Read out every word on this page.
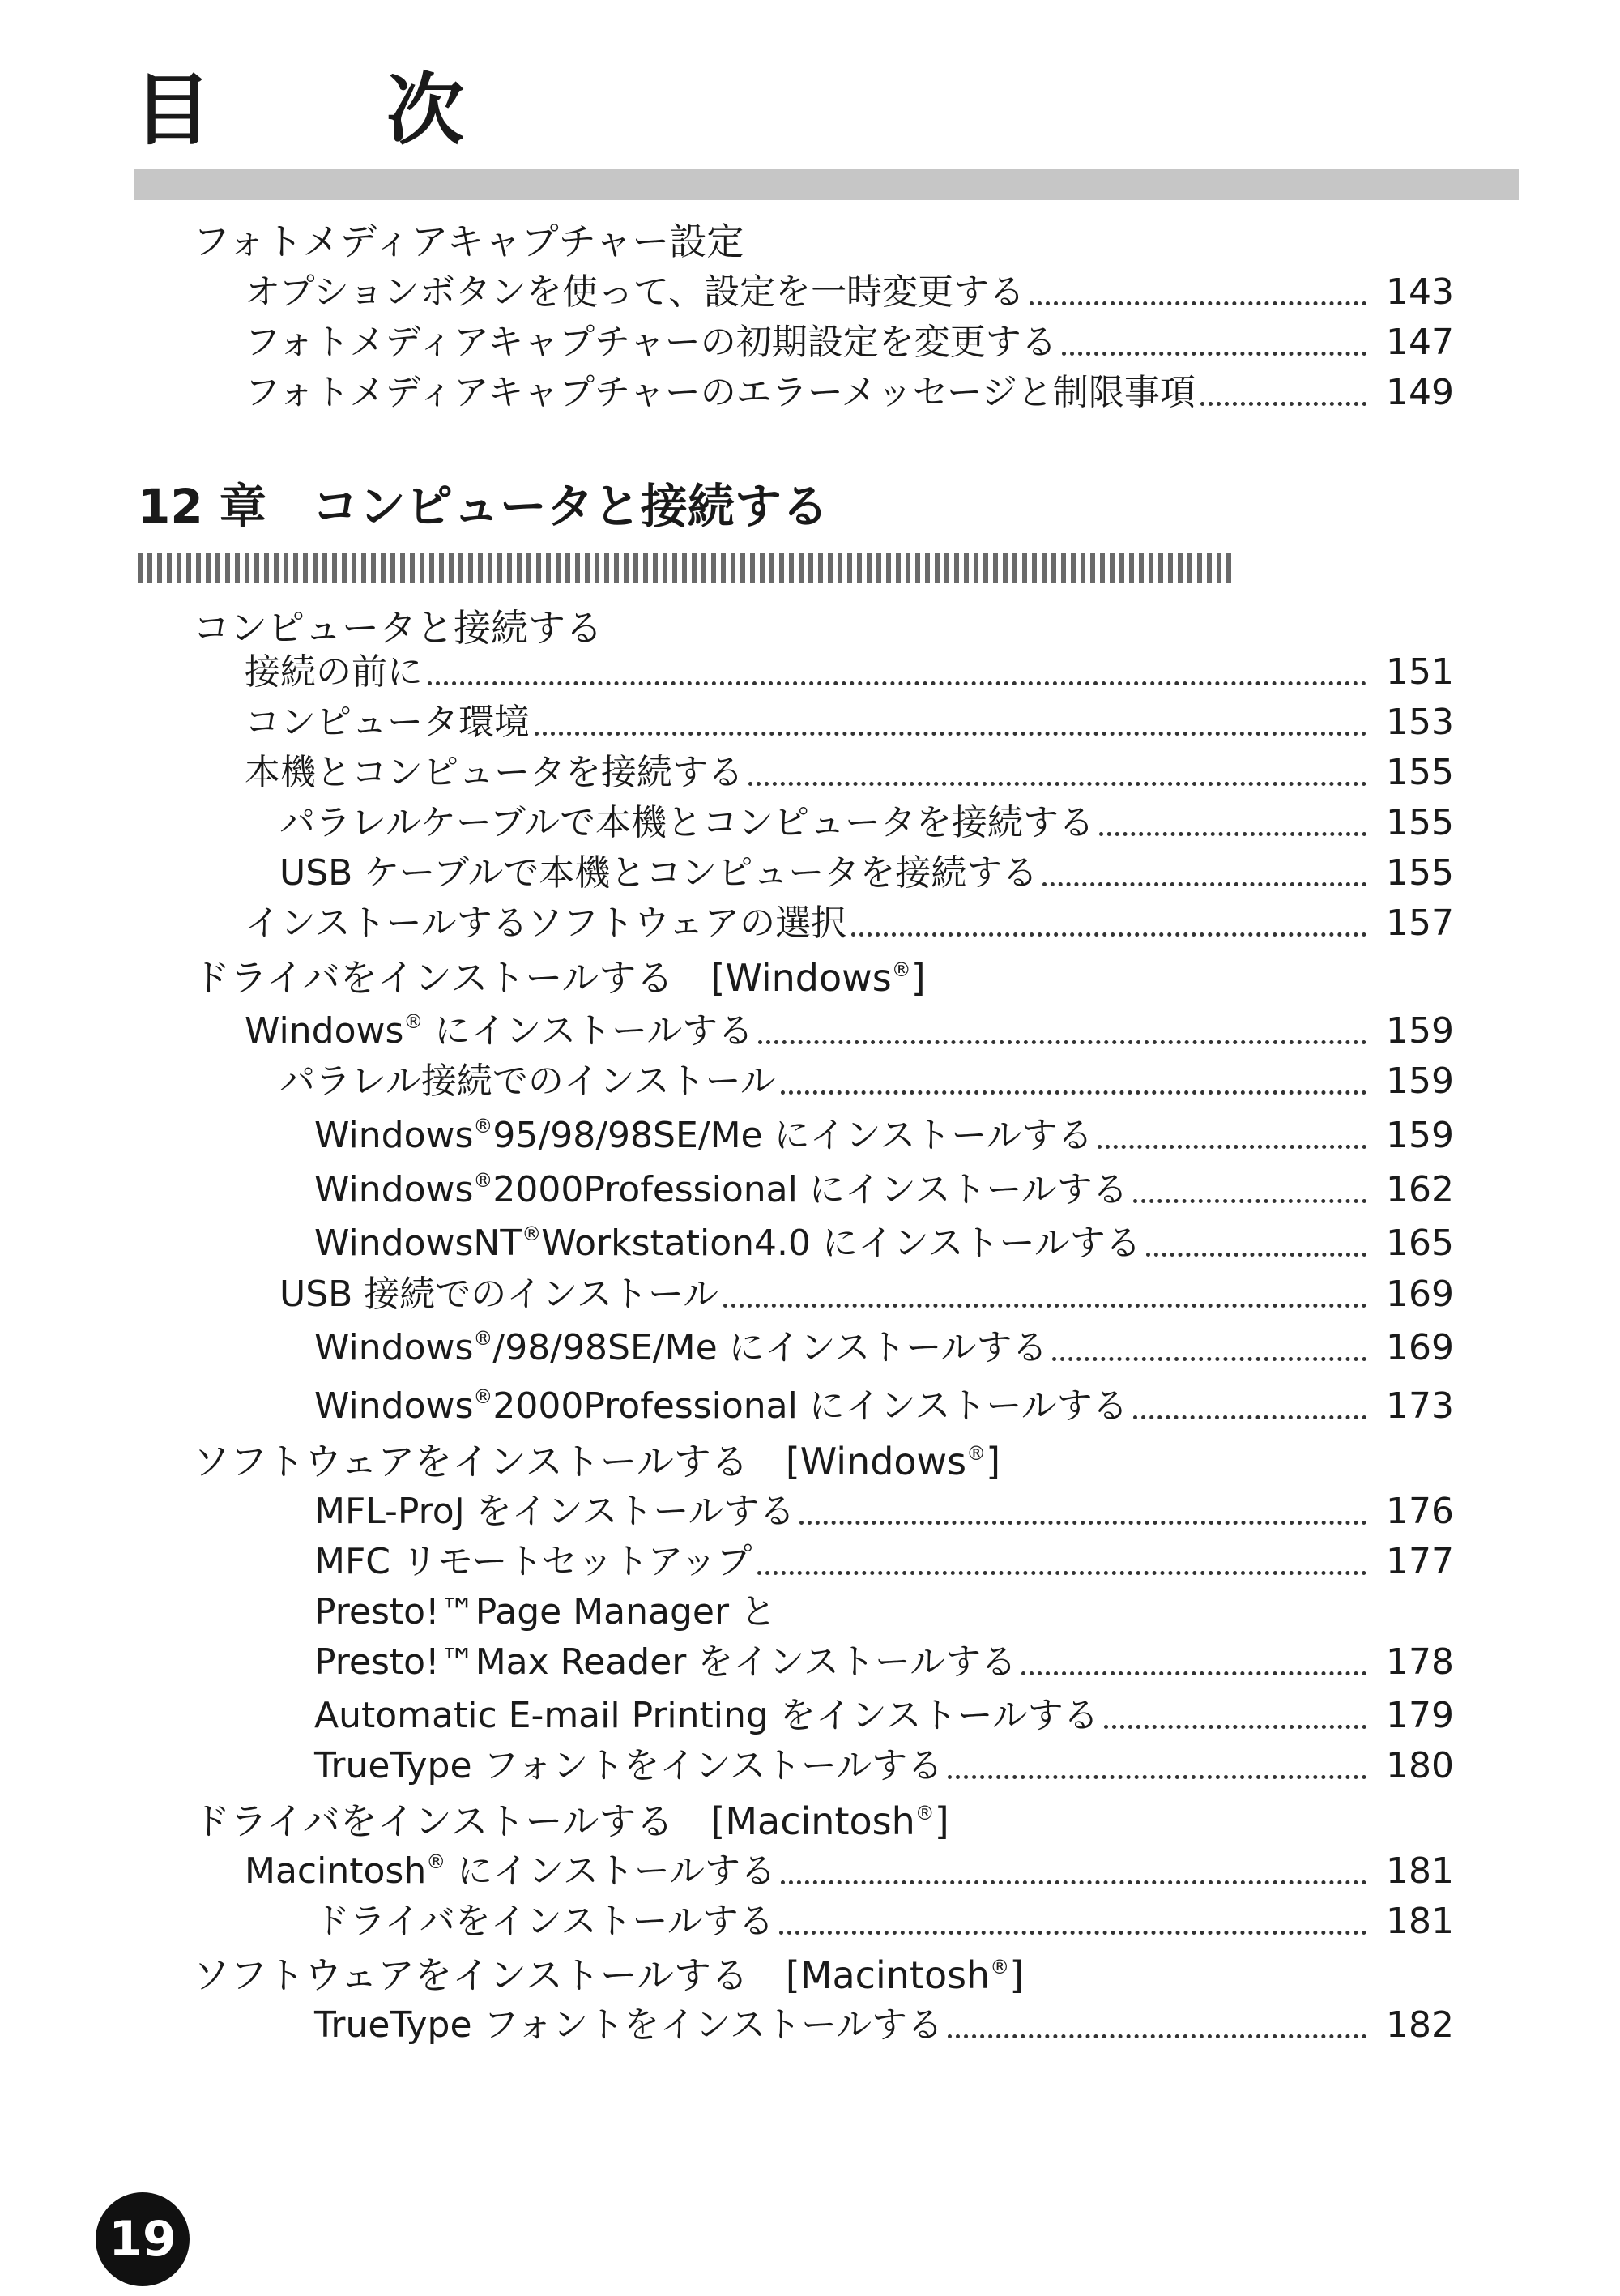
目　次
12 章 コンピュータと接続する
フォトメディアキャプチャー設定
オプションボタンを使って、設定を一時変更する	143
フォトメディアキャプチャーの初期設定を変更する	147
フォトメディアキャプチャーのエラーメッセージと制限事項	149
コンピュータと接続する
接続の前に	151
コンピュータ環境	153
本機とコンピュータを接続する	155
パラレルケーブルで本機とコンピュータを接続する	155
USB ケーブルで本機とコンピュータを接続する	155
インストールするソフトウェアの選択	157
ドライバをインストールする　[Windows®]
Windows® にインストールする	159
パラレル接続でのインストール	159
Windows®95/98/98SE/Me にインストールする	159
Windows®2000Professional にインストールする	162
WindowsNT®Workstation4.0 にインストールする	165
USB 接続でのインストール	169
Windows®/98/98SE/Me にインストールする	169
Windows®2000Professional にインストールする	173
ソフトウェアをインストールする　[Windows®]
MFL-ProJ をインストールする	176
MFC リモートセットアップ	177
Presto!™Page Manager と
Presto!™Max Reader をインストールする	178
Automatic E-mail Printing をインストールする	179
TrueType フォントをインストールする	180
ドライバをインストールする　[Macintosh®]
Macintosh® にインストールする	181
ドライバをインストールする	181
ソフトウェアをインストールする　[Macintosh®]
TrueType フォントをインストールする	182
19
